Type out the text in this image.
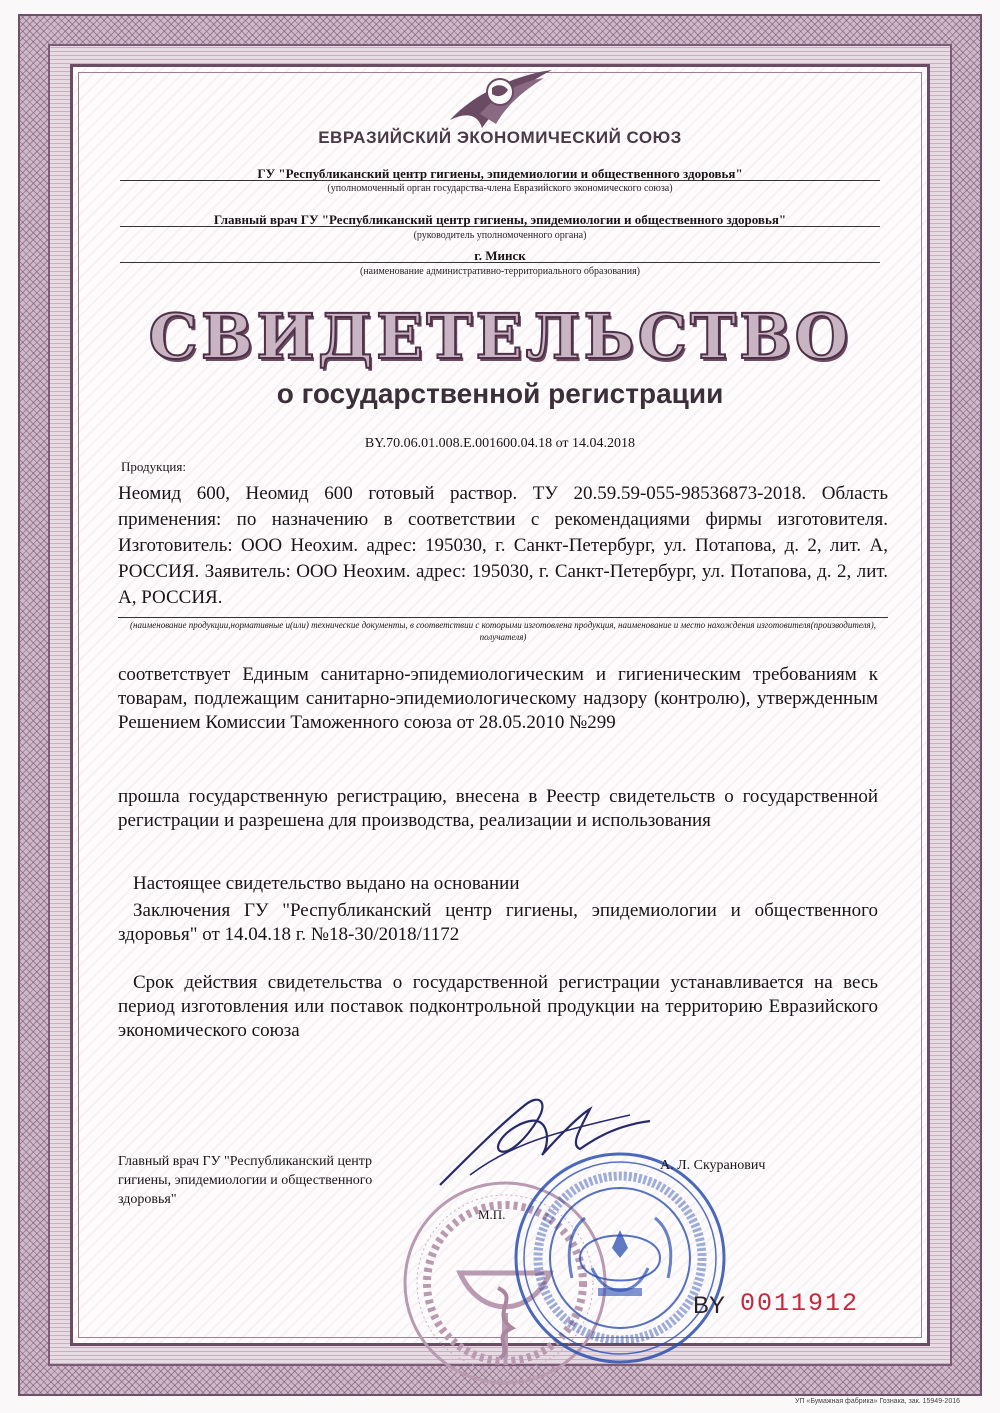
ЕВРАЗИЙСКИЙ ЭКОНОМИЧЕСКИЙ СОЮЗ
ГУ "Республиканский центр гигиены, эпидемиологии и общественного здоровья"
(уполномоченный орган государства-члена Евразийского экономического союза)
Главный врач ГУ "Республиканский центр гигиены, эпидемиологии и общественного здоровья"
(руководитель уполномоченного органа)
г. Минск
(наименование административно-территориального образования)
СВИДЕТЕЛЬСТВО
о государственной регистрации
BY.70.06.01.008.E.001600.04.18 от 14.04.2018
Продукция:
Неомид 600, Неомид 600 готовый раствор. ТУ 20.59.59-055-98536873-2018. Область применения: по назначению в соответствии с рекомендациями фирмы изготовителя. Изготовитель: ООО Неохим. адрес: 195030, г. Санкт-Петербург, ул. Потапова, д. 2, лит. А, РОССИЯ. Заявитель: ООО Неохим. адрес: 195030, г. Санкт-Петербург, ул. Потапова, д. 2, лит. А, РОССИЯ.
(наименование продукции,нормативные и(или) технические документы, в соответствии с которыми изготовлена продукция, наименование и место нахождения изготовителя(производителя), получателя)
соответствует Единым санитарно-эпидемиологическим и гигиеническим требованиям к товарам, подлежащим санитарно-эпидемиологическому надзору (контролю), утвержденным Решением Комиссии Таможенного союза от 28.05.2010 №299
прошла государственную регистрацию, внесена в Реестр свидетельств о государственной регистрации и разрешена для производства, реализации и использования
Настоящее свидетельство выдано на основании
Заключения ГУ "Республиканский центр гигиены, эпидемиологии и общественного здоровья" от 14.04.18 г. №18-30/2018/1172
Срок действия свидетельства о государственной регистрации устанавливается на весь период изготовления или поставок подконтрольной продукции на территорию Евразийского экономического союза
Главный врач ГУ "Республиканский центр гигиены, эпидемиологии и общественного здоровья"
А. Л. Скуранович
М.П.
BY 0011912
УП «Бумажная фабрика» Гознака, зак. 15949-2016
